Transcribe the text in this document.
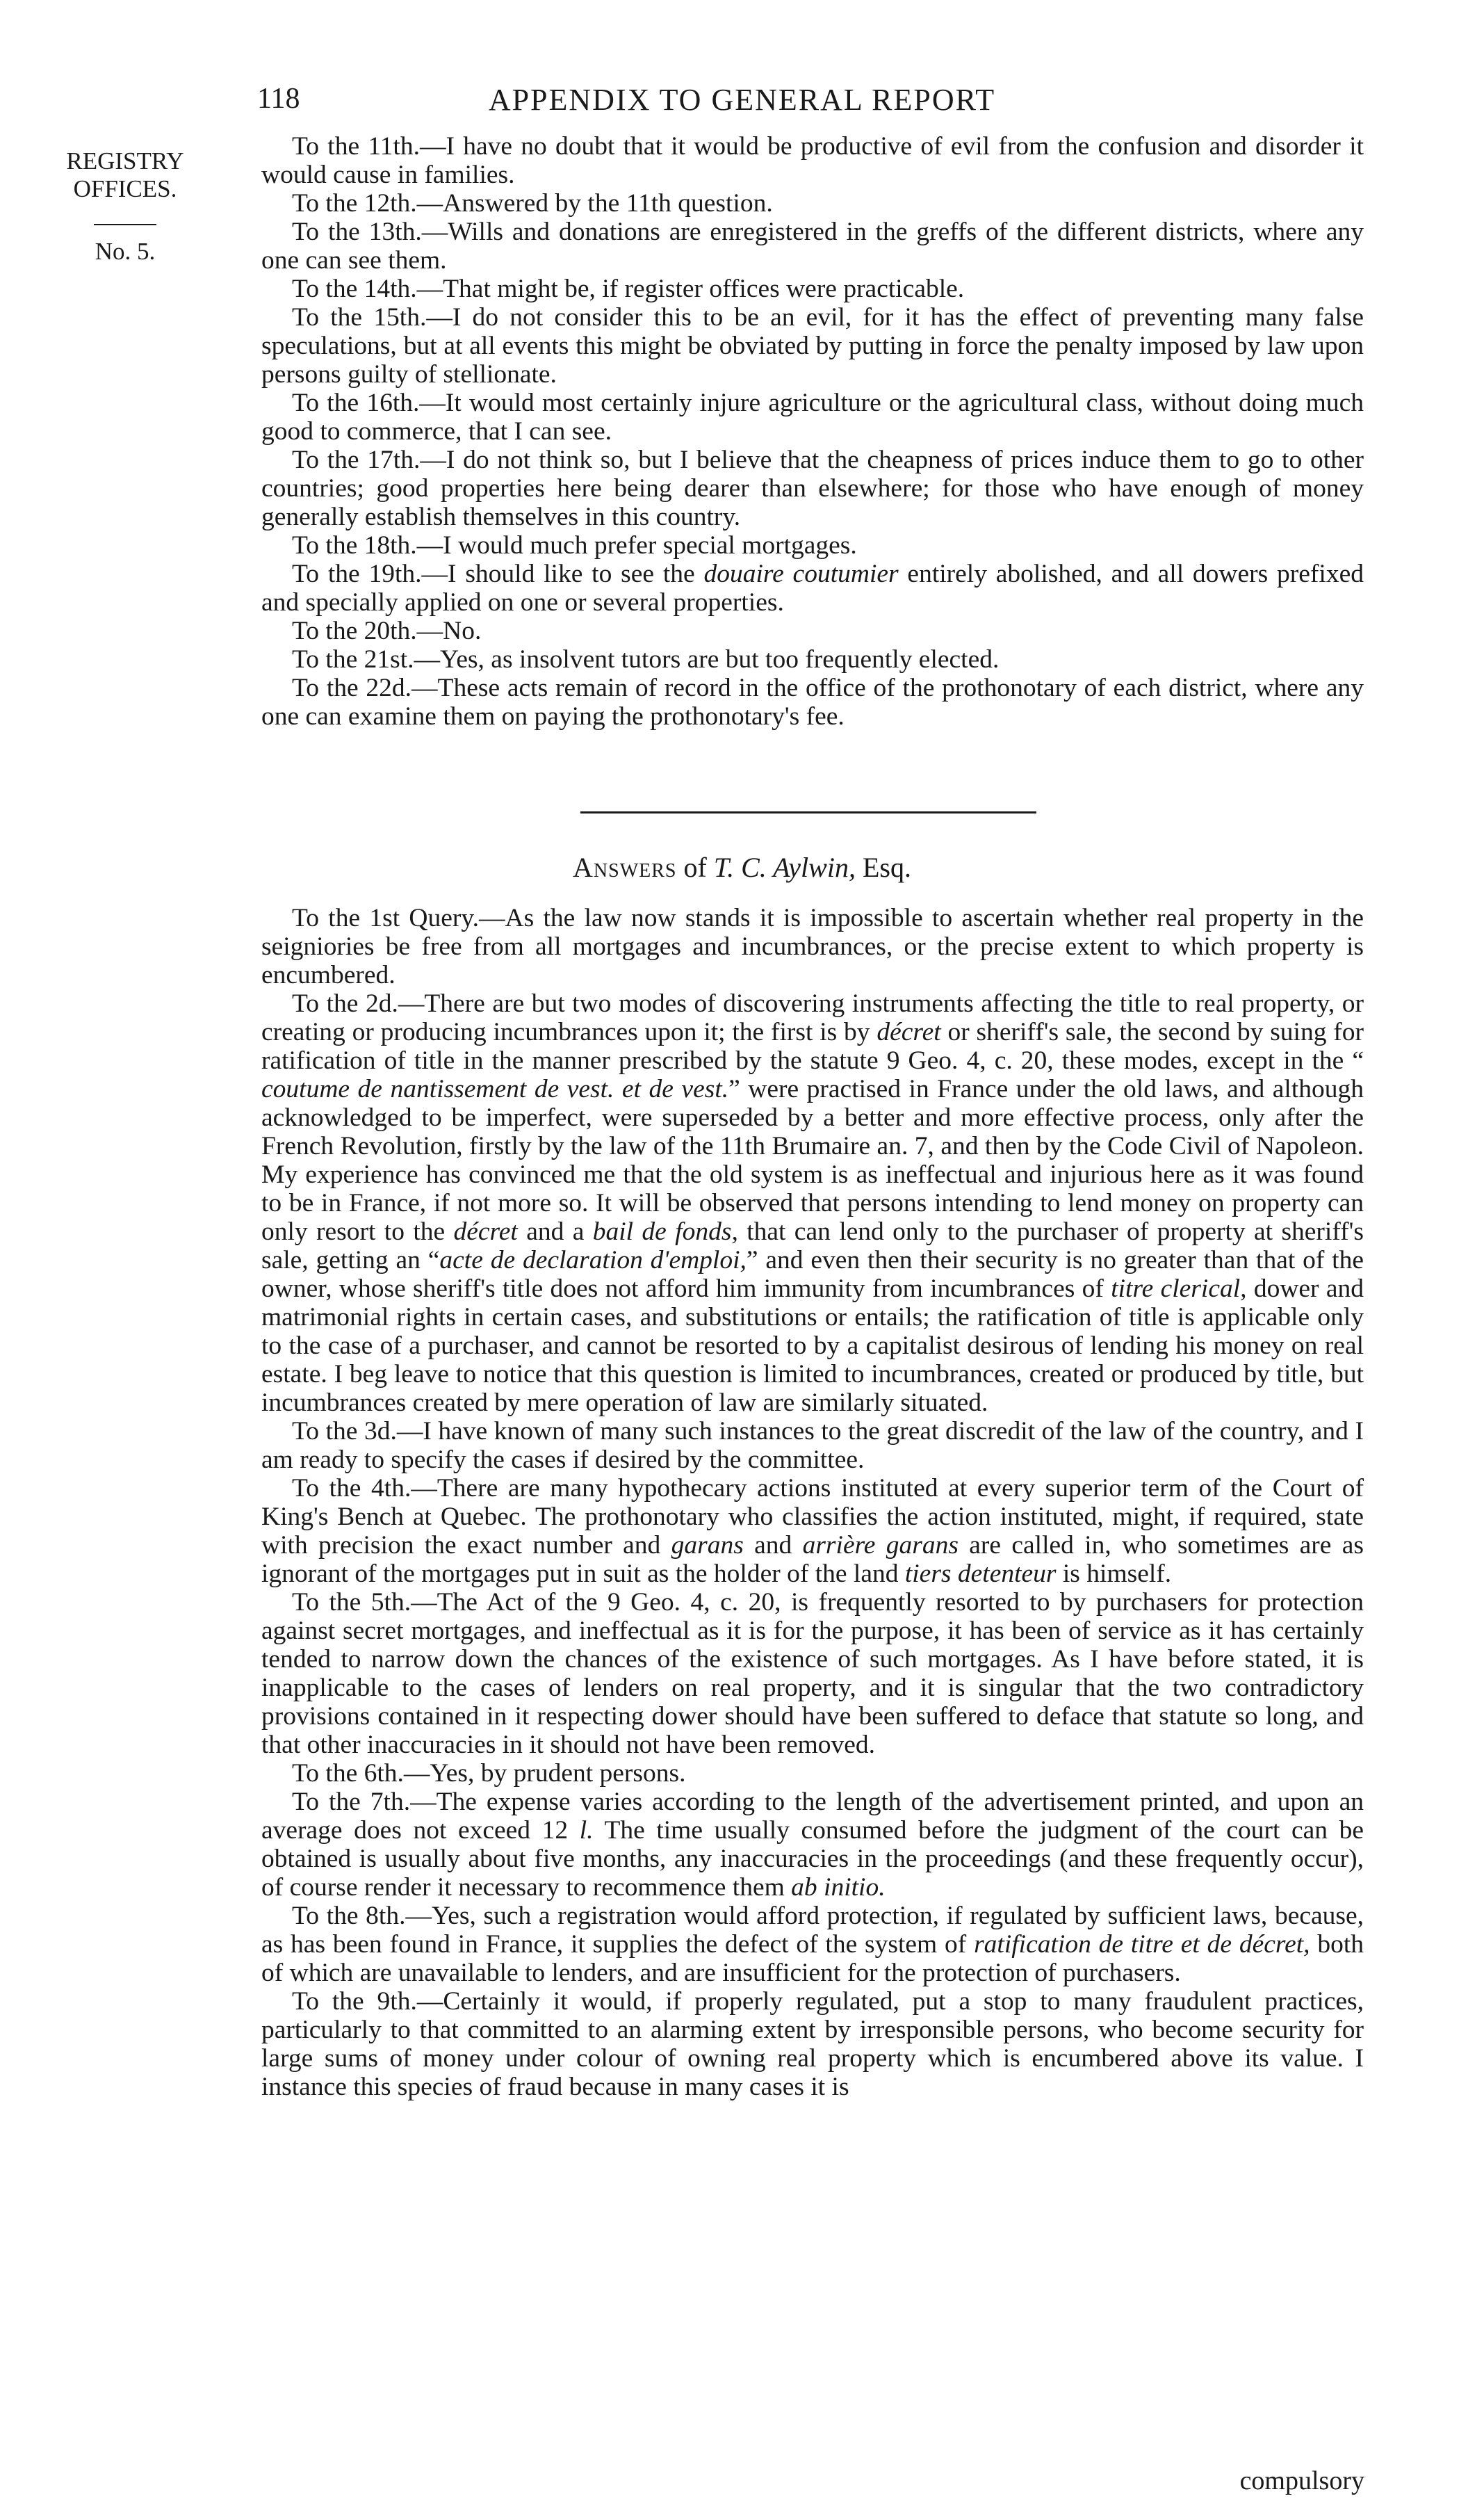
118	APPENDIX TO GENERAL REPORT
REGISTRY
OFFICES.
No. 5.

To the 11th.—I have no doubt that it would be productive of evil from the confusion and disorder it would cause in families.

To the 12th.—Answered by the 11th question.

To the 13th.—Wills and donations are enregistered in the greffs of the different districts, where any one can see them.

To the 14th.—That might be, if register offices were practicable.

To the 15th.—I do not consider this to be an evil, for it has the effect of preventing many false speculations, but at all events this might be obviated by putting in force the penalty imposed by law upon persons guilty of stellionate.

To the 16th.—It would most certainly injure agriculture or the agricultural class, without doing much good to commerce, that I can see.

To the 17th.—I do not think so, but I believe that the cheapness of prices induce them to go to other countries; good properties here being dearer than elsewhere; for those who have enough of money generally establish themselves in this country.

To the 18th.—I would much prefer special mortgages.

To the 19th.—I should like to see the douaire coutumier entirely abolished, and all dowers prefixed and specially applied on one or several properties.

To the 20th.—No.

To the 21st.—Yes, as insolvent tutors are but too frequently elected.

To the 22d.—These acts remain of record in the office of the prothonotary of each district, where any one can examine them on paying the prothonotary's fee.

Answers of T. C. Aylwin, Esq.

To the 1st Query.—As the law now stands it is impossible to ascertain whether real property in the seigniories be free from all mortgages and incumbrances, or the precise extent to which property is encumbered.

To the 2d.—There are but two modes of discovering instruments affecting the title to real property, or creating or producing incumbrances upon it; the first is by décret or sheriff's sale, the second by suing for ratification of title in the manner prescribed by the statute 9 Geo. 4, c. 20, these modes, except in the “ coutume de nantissement de vest. et de vest.” were practised in France under the old laws, and although acknowledged to be imperfect, were superseded by a better and more effective process, only after the French Revolution, firstly by the law of the 11th Brumaire an. 7, and then by the Code Civil of Napoleon. My experience has convinced me that the old system is as ineffectual and injurious here as it was found to be in France, if not more so. It will be observed that persons intending to lend money on property can only resort to the décret and a bail de fonds, that can lend only to the purchaser of property at sheriff's sale, getting an “acte de declaration d'emploi,” and even then their security is no greater than that of the owner, whose sheriff's title does not afford him immunity from incumbrances of titre clerical, dower and matrimonial rights in certain cases, and substitutions or entails; the ratification of title is applicable only to the case of a purchaser, and cannot be resorted to by a capitalist desirous of lending his money on real estate. I beg leave to notice that this question is limited to incumbrances, created or produced by title, but incumbrances created by mere operation of law are similarly situated.

To the 3d.—I have known of many such instances to the great discredit of the law of the country, and I am ready to specify the cases if desired by the committee.

To the 4th.—There are many hypothecary actions instituted at every superior term of the Court of King's Bench at Quebec. The prothonotary who classifies the action instituted, might, if required, state with precision the exact number and garans and arrière garans are called in, who sometimes are as ignorant of the mortgages put in suit as the holder of the land tiers detenteur is himself.

To the 5th.—The Act of the 9 Geo. 4, c. 20, is frequently resorted to by purchasers for protection against secret mortgages, and ineffectual as it is for the purpose, it has been of service as it has certainly tended to narrow down the chances of the existence of such mortgages. As I have before stated, it is inapplicable to the cases of lenders on real property, and it is singular that the two contradictory provisions contained in it respecting dower should have been suffered to deface that statute so long, and that other inaccuracies in it should not have been removed.

To the 6th.—Yes, by prudent persons.

To the 7th.—The expense varies according to the length of the advertisement printed, and upon an average does not exceed 12 l. The time usually consumed before the judgment of the court can be obtained is usually about five months, any inaccuracies in the proceedings (and these frequently occur), of course render it necessary to recommence them ab initio.

To the 8th.—Yes, such a registration would afford protection, if regulated by sufficient laws, because, as has been found in France, it supplies the defect of the system of ratification de titre et de décret, both of which are unavailable to lenders, and are insufficient for the protection of purchasers.

To the 9th.—Certainly it would, if properly regulated, put a stop to many fraudulent practices, particularly to that committed to an alarming extent by irresponsible persons, who become security for large sums of money under colour of owning real property which is encumbered above its value. I instance this species of fraud because in many cases it is

compulsory
